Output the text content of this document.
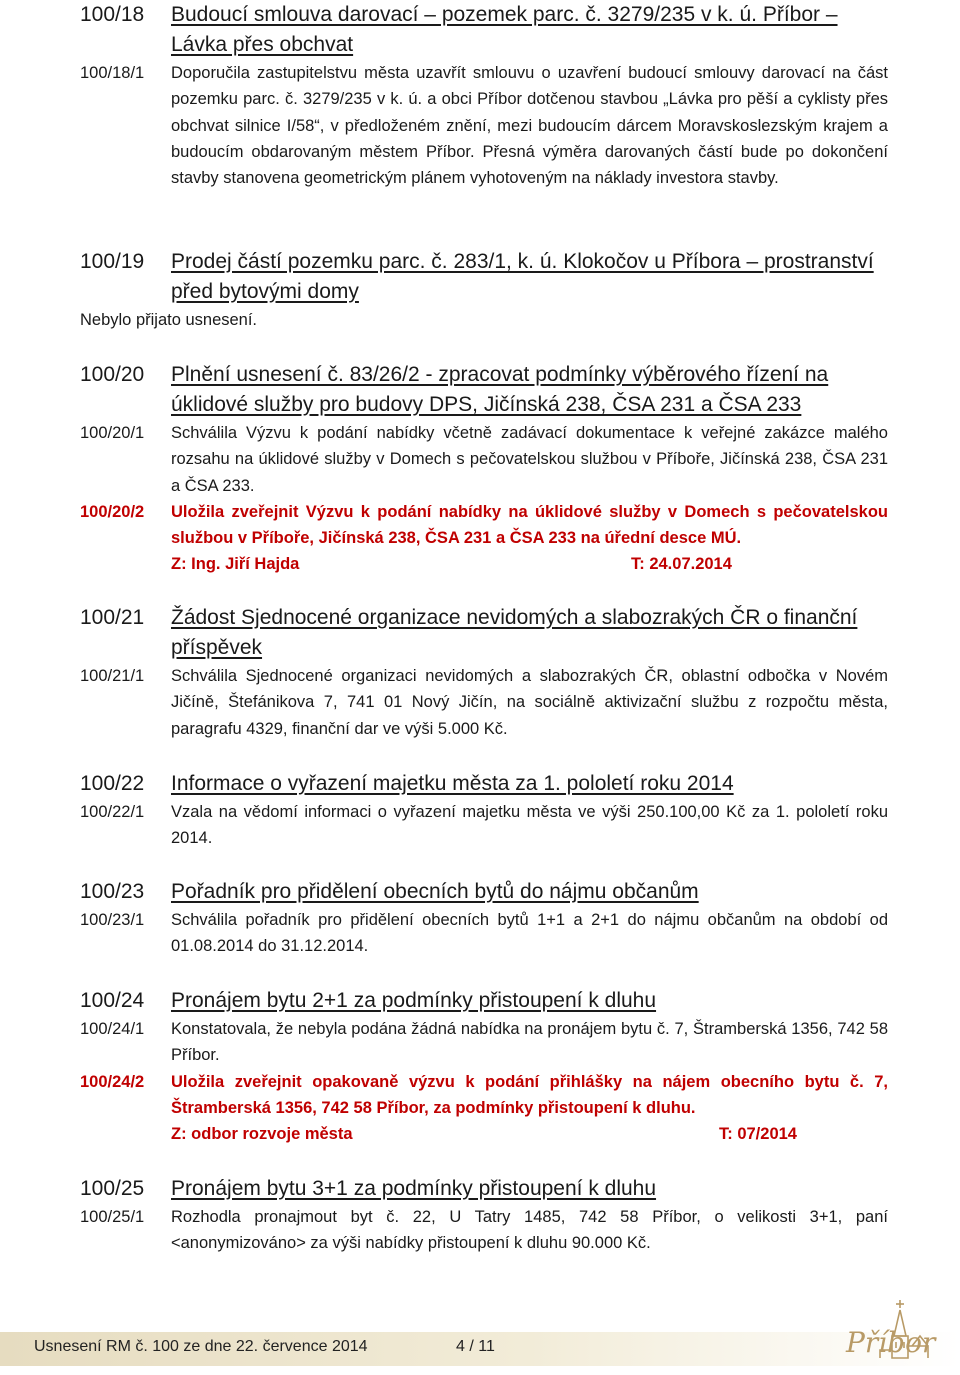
100/18	Budoucí smlouva darovací – pozemek parc. č. 3279/235 v k. ú. Příbor – Lávka přes obchvat
100/18/1	Doporučila zastupitelstvu města uzavřít smlouvu o uzavření budoucí smlouvy darovací na část pozemku parc. č. 3279/235 v k. ú. a obci Příbor dotčenou stavbou „Lávka pro pěší a cyklisty přes obchvat silnice I/58“, v předloženém znění, mezi budoucím dárcem Moravskoslezským krajem a budoucím obdarovaným městem Příbor. Přesná výměra darovaných částí bude po dokončení stavby stanovena geometrickým plánem vyhotoveným na náklady investora stavby.
100/19	Prodej částí pozemku parc. č. 283/1, k. ú. Klokočov u Příbora – prostranství před bytovými domy
Nebylo přijato usnesení.
100/20	Plnění usnesení č. 83/26/2 - zpracovat podmínky výběrového řízení na úklidové služby pro budovy DPS, Jičínská 238, ČSA 231 a ČSA 233
100/20/1	Schválila Výzvu k podání nabídky včetně zadávací dokumentace k veřejné zakázce malého rozsahu na úklidové služby v Domech s pečovatelskou službou v Příboře, Jičínská 238, ČSA 231 a ČSA 233.
100/20/2	Uložila zveřejnit Výzvu k podání nabídky na úklidové služby v Domech s pečovatelskou službou v Příboře, Jičínská 238, ČSA 231 a ČSA 233 na úřední desce MÚ.
Z: Ing. Jiří Hajda	T: 24.07.2014
100/21	Žádost Sjednocené organizace nevidomých a slabozrakých ČR o finanční příspěvek
100/21/1	Schválila Sjednocené organizaci nevidomých a slabozrakých ČR, oblastní odbočka v Novém Jičíně, Štefánikova 7, 741 01 Nový Jičín, na sociálně aktivizační službu z rozpočtu města, paragrafu 4329, finanční dar ve výši 5.000 Kč.
100/22	Informace o vyřazení majetku města za 1. pololetí roku 2014
100/22/1	Vzala na vědomí informaci o vyřazení majetku města ve výši 250.100,00 Kč za 1. pololetí roku 2014.
100/23	Pořadník pro přidělení obecních bytů do nájmu občanům
100/23/1	Schválila pořadník pro přidělení obecních bytů 1+1 a 2+1 do nájmu občanům na období od 01.08.2014 do 31.12.2014.
100/24	Pronájem bytu 2+1 za podmínky přistoupení k dluhu
100/24/1	Konstatovala, že nebyla podána žádná nabídka na pronájem bytu č. 7, Štramberská 1356, 742 58 Příbor.
100/24/2	Uložila zveřejnit opakovaně výzvu k podání přihlášky na nájem obecního bytu č. 7, Štramberská 1356, 742 58 Příbor, za podmínky přistoupení k dluhu.
Z: odbor rozvoje města	T: 07/2014
100/25	Pronájem bytu 3+1 za podmínky přistoupení k dluhu
100/25/1	Rozhodla pronajmout byt č. 22, U Tatry 1485, 742 58 Příbor, o velikosti 3+1, paní <anonymizováno> za výši nabídky přistoupení k dluhu 90.000 Kč.
Usnesení RM č. 100 ze dne 22. července 2014	4 / 11	Příbor
